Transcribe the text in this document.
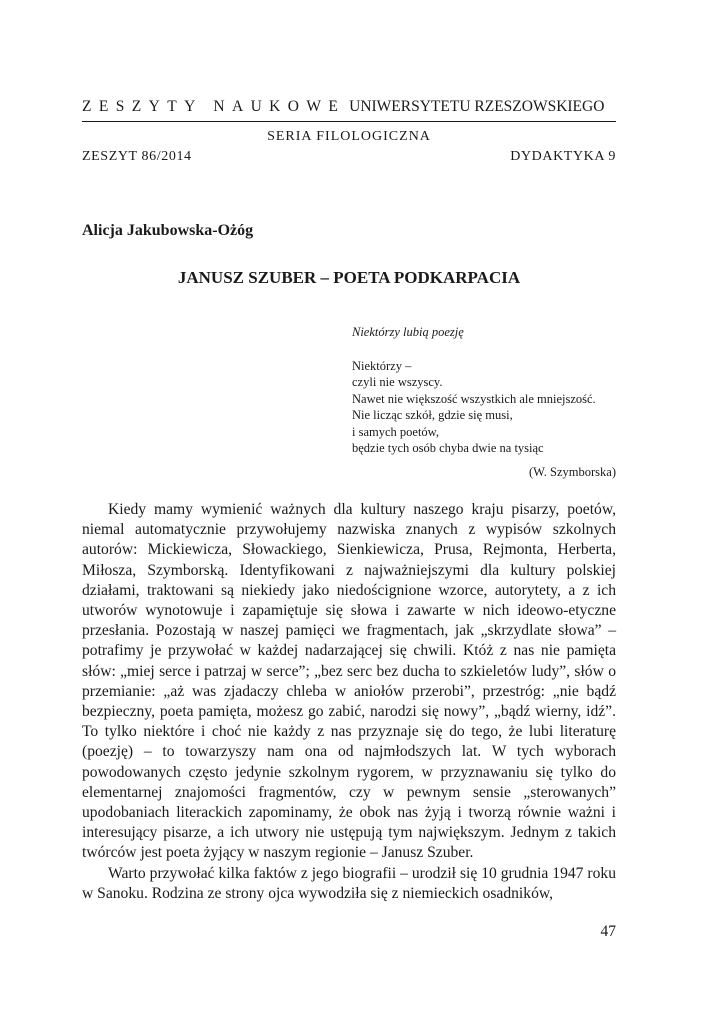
ZESZYTY NAUKOWE UNIWERSYTETU RZESZOWSKIEGO
SERIA FILOLOGICZNA
ZESZYT 86/2014	DYDAKTYKA 9
Alicja Jakubowska-Ożóg
JANUSZ SZUBER – POETA PODKARPACIA
Niektórzy lubią poezję
Niektórzy –
czyli nie wszyscy.
Nawet nie większość wszystkich ale mniejszość.
Nie licząc szkół, gdzie się musi,
i samych poetów,
będzie tych osób chyba dwie na tysiąc
(W. Szymborska)

Kiedy mamy wymienić ważnych dla kultury naszego kraju pisarzy, poetów, niemal automatycznie przywołujemy nazwiska znanych z wypisów szkolnych autorów: Mickiewicza, Słowackiego, Sienkiewicza, Prusa, Rejmonta, Herberta, Miłosza, Szymborską. Identyfikowani z najważniejszymi dla kultury polskiej działami, traktowani są niekiedy jako niedoścignione wzorce, autorytety, a z ich utworów wynotowuje i zapamiętuje się słowa i zawarte w nich ideowo-etyczne przesłania. Pozostają w naszej pamięci we fragmentach, jak „skrzydlate słowa” – potrafimy je przywołać w każdej nadarzającej się chwili. Któż z nas nie pamięta słów: „miej serce i patrzaj w serce”; „bez serc bez ducha to szkieletów ludy”, słów o przemianie: „aż was zjadaczy chleba w aniołów przerobi”, przestróg: „nie bądź bezpieczny, poeta pamięta, możesz go zabić, narodzi się nowy”, „bądź wierny, idź”. To tylko niektóre i choć nie każdy z nas przyznaje się do tego, że lubi literaturę (poezję) – to towarzyszy nam ona od najmłodszych lat. W tych wyborach powodowanych często jedynie szkolnym rygorem, w przyznawaniu się tylko do elementarnej znajomości fragmentów, czy w pewnym sensie „sterowanych” upodobaniach literackich zapominamy, że obok nas żyją i tworzą równie ważni i interesujący pisarze, a ich utwory nie ustępują tym największym. Jednym z takich twórców jest poeta żyjący w naszym regionie – Janusz Szuber.

Warto przywołać kilka faktów z jego biografii – urodził się 10 grudnia 1947 roku w Sanoku. Rodzina ze strony ojca wywodziła się z niemieckich osadników,

47
